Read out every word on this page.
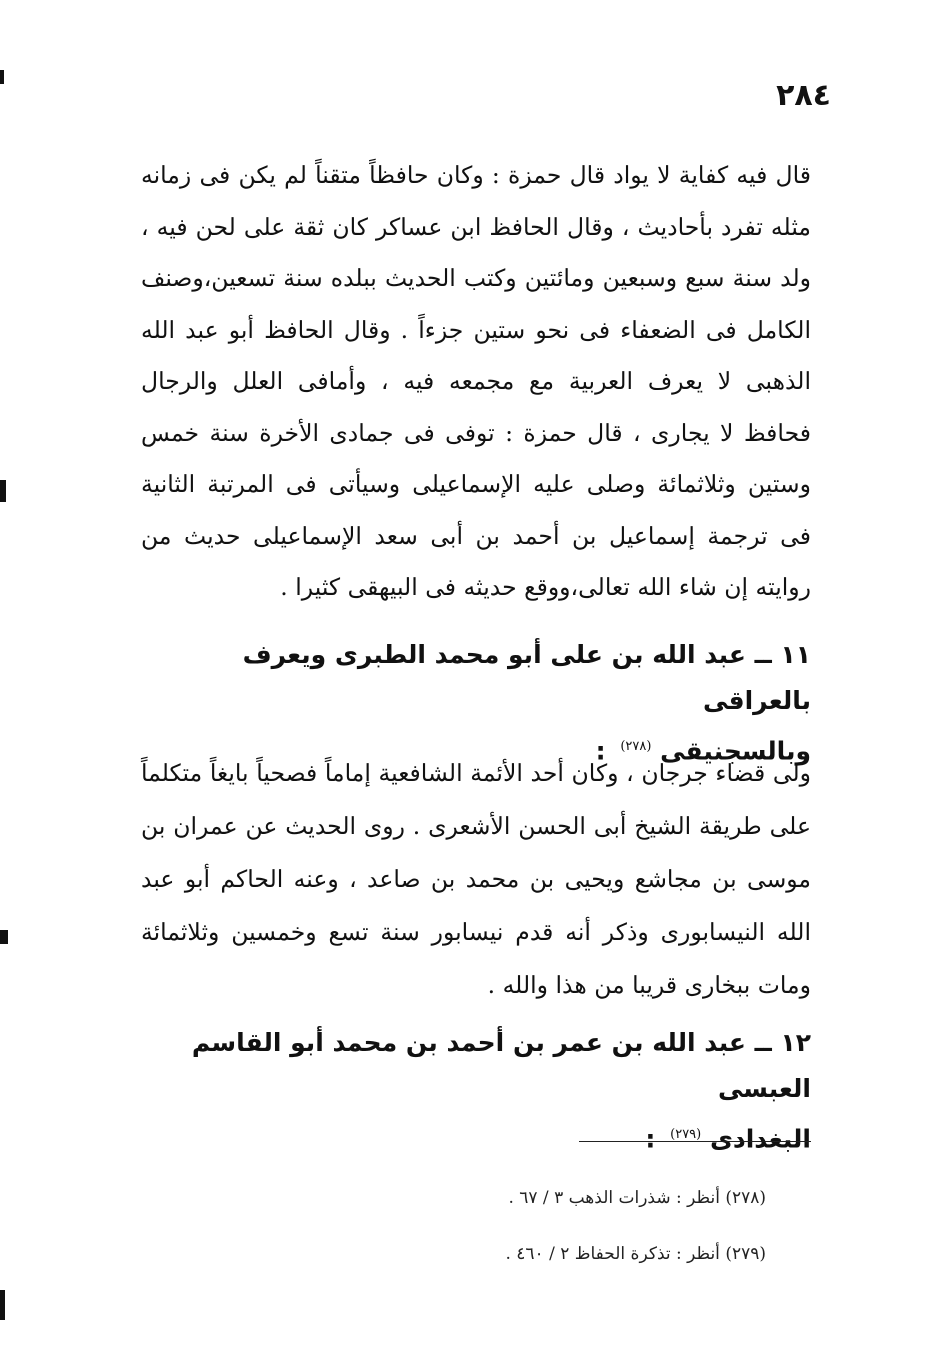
٢٨٤

قال فيه كفاية لا يواد قال حمزة : وكان حافظاً متقناً لم يكن فى زمانه مثله تفرد بأحاديث ، وقال الحافظ ابن عساكر كان ثقة على لحن فيه ، ولد سنة سبع وسبعين ومائتين وكتب الحديث ببلده سنة تسعين،وصنف الكامل فى الضعفاء فى نحو ستين جزءاً . وقال الحافظ أبو عبد الله الذهبى لا يعرف العربية مع مجمعه فيه ، وأمافى العلل والرجال فحافظ لا يجارى ، قال حمزة : توفى فى جمادى الأخرة سنة خمس وستين وثلاثمائة وصلى عليه الإسماعيلى وسيأتى فى المرتبة الثانية فى ترجمة إسماعيل بن أحمد بن أبى سعد الإسماعيلى حديث من روايته إن شاء الله تعالى،ووقع حديثه فى البيهقى كثيرا .

١١ ــ عبد الله بن على أبو محمد الطبرى ويعرف بالعراقى
وبالسجنيقى $^{(٢٧٨)}$ :

ولى قضاء جرجان ، وكان أحد الأئمة الشافعية إماماً فصحياً بايغاً متكلماً على طريقة الشيخ أبى الحسن الأشعرى . روى الحديث عن عمران بن موسى بن مجاشع ويحيى بن محمد بن صاعد ، وعنه الحاكم أبو عبد الله النيسابورى وذكر أنه قدم نيسابور سنة تسع وخمسين وثلاثمائة ومات ببخارى قريبا من هذا والله .

١٢ ــ عبد الله بن عمر بن أحمد بن محمد أبو القاسم العبسى
البغدادى $^{(٢٧٩)}$ :
(٢٧٨) أنظر : شذرات الذهب ٣ / ٦٧ .
(٢٧٩) أنظر : تذكرة الحفاظ ٢ / ٤٦٠ .
